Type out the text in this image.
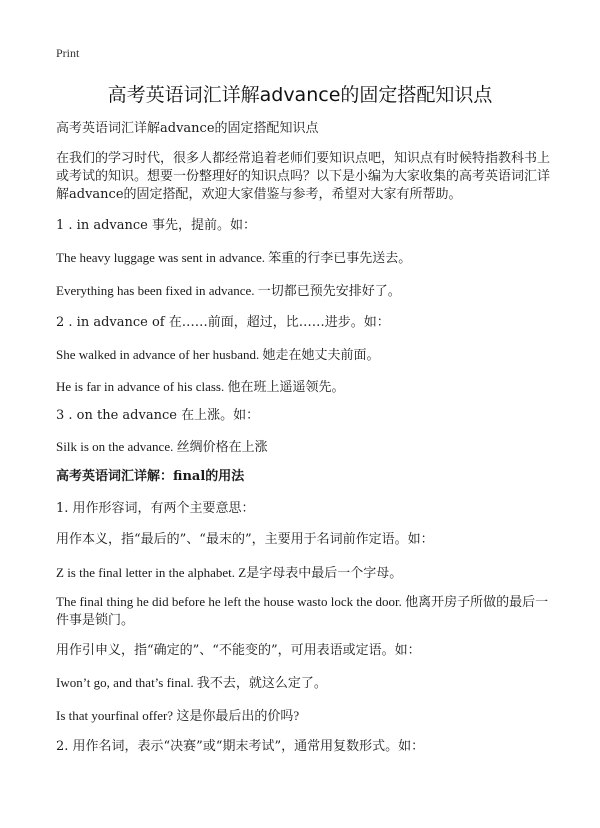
Print
高考英语词汇详解advance的固定搭配知识点
高考英语词汇详解advance的固定搭配知识点
在我们的学习时代，很多人都经常追着老师们要知识点吧，知识点有时候特指教科书上或考试的知识。想要一份整理好的知识点吗？以下是小编为大家收集的高考英语词汇详解advance的固定搭配，欢迎大家借鉴与参考，希望对大家有所帮助。
1 . in advance 事先，提前。如：
The heavy luggage was sent in advance. 笨重的行李已事先送去。
Everything has been fixed in advance. 一切都已预先安排好了。
2 . in advance of 在……前面，超过，比……进步。如：
She walked in advance of her husband. 她走在她丈夫前面。
He is far in advance of his class. 他在班上遥遥领先。
3 . on the advance 在上涨。如：
Silk is on the advance. 丝绸价格在上涨
高考英语词汇详解：final的用法
1. 用作形容词，有两个主要意思：
用作本义，指“最后的”、“最末的”，主要用于名词前作定语。如：
Z is the final letter in the alphabet. Z是字母表中最后一个字母。
The final thing he did before he left the house wasto lock the door. 他离开房子所做的最后一件事是锁门。
用作引申义，指“确定的”、“不能变的”，可用表语或定语。如：
Iwon’t go, and that’s final. 我不去，就这么定了。
Is that yourfinal offer? 这是你最后出的价吗?
2. 用作名词，表示“决赛”或“期末考试”，通常用复数形式。如：
